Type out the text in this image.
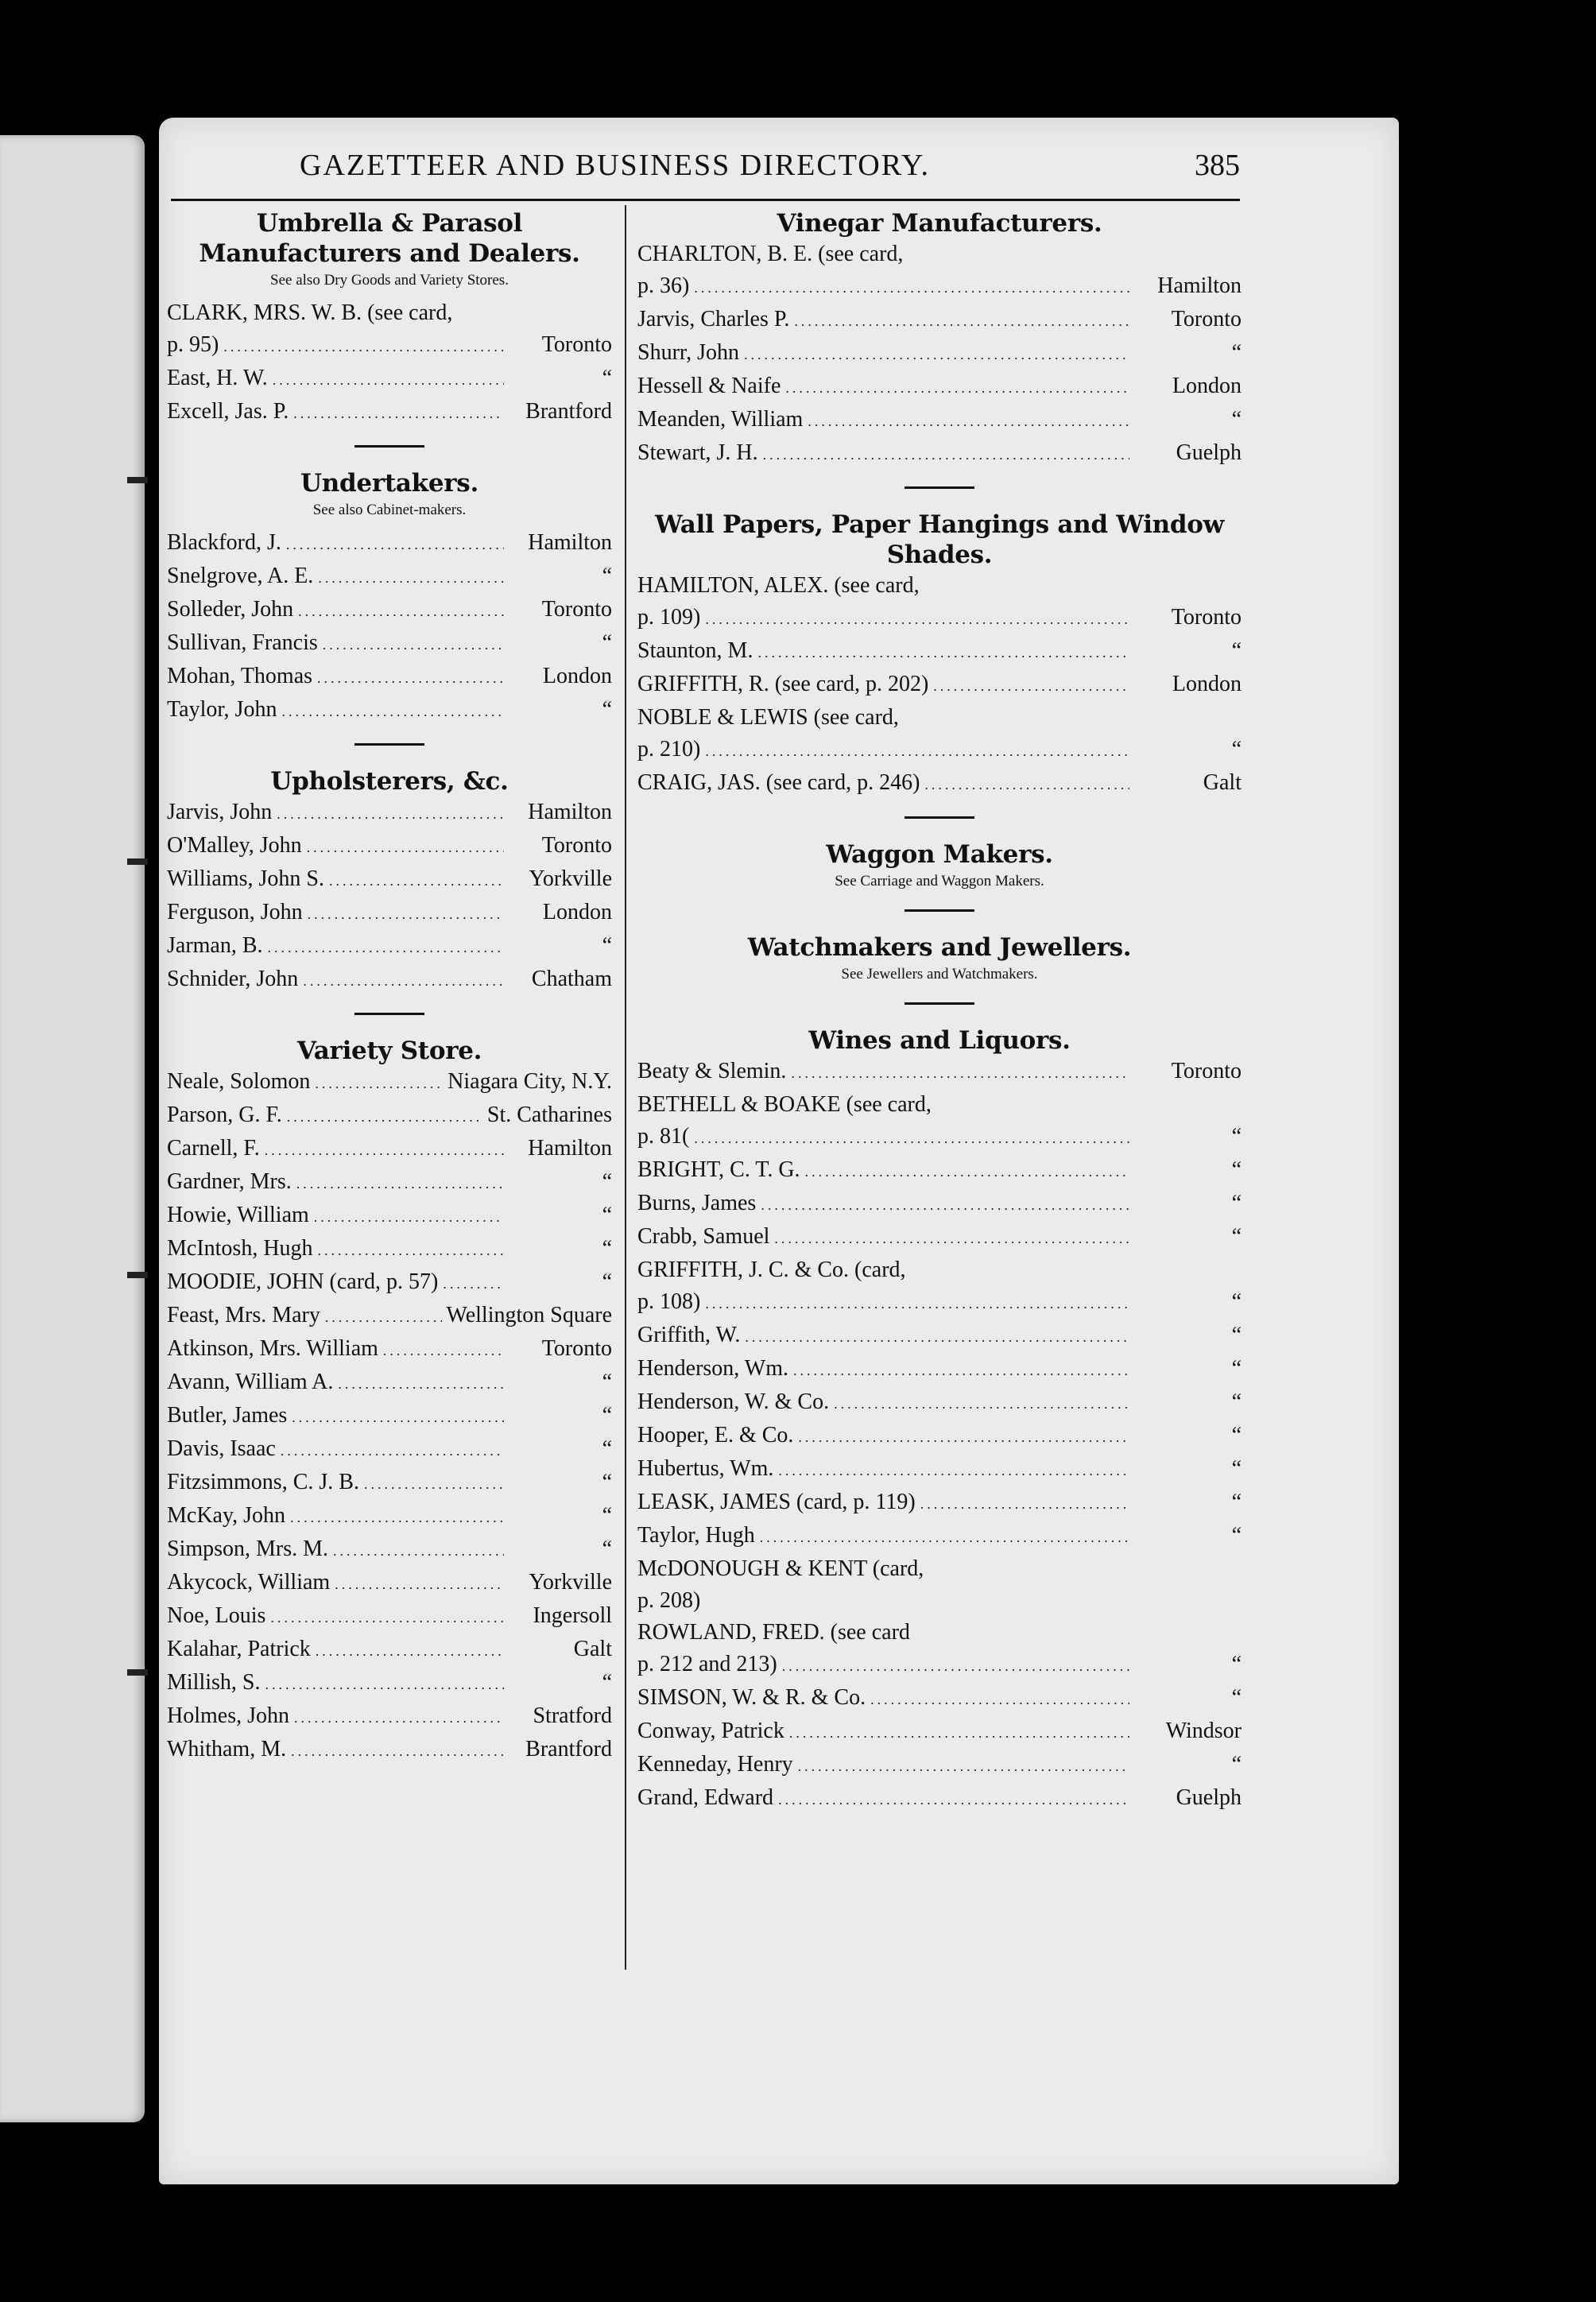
GAZETTEER AND BUSINESS DIRECTORY.	385
Umbrella & Parasol Manufacturers and Dealers.
See also Dry Goods and Variety Stores.
CLARK, MRS. W. B. (see card,
p. 95) .....	Toronto
East, H. W. .....	“
Excell, Jas. P. .....	Brantford
Undertakers.
See also Cabinet-makers.
Blackford, J. .....	Hamilton
Snelgrove, A. E. .....	“
Solleder, John .....	Toronto
Sullivan, Francis .....	“
Mohan, Thomas .....	London
Taylor, John .....	“
Upholsterers, &c.
Jarvis, John .....	Hamilton
O'Malley, John .....	Toronto
Williams, John S. .....	Yorkville
Ferguson, John .....	London
Jarman, B. .....	“
Schnider, John .....	Chatham
Variety Store.
Neale, Solomon .....	Niagara City, N.Y.
Parson, G. F. .....	St. Catharines
Carnell, F. .....	Hamilton
Gardner, Mrs. .....	“
Howie, William .....	“
McIntosh, Hugh .....	“
MOODIE, JOHN (card, p. 57) .....	“
Feast, Mrs. Mary .....	Wellington Square
Atkinson, Mrs. William .....	Toronto
Avann, William A. .....	“
Butler, James .....	“
Davis, Isaac .....	“
Fitzsimmons, C. J. B. .....	“
McKay, John .....	“
Simpson, Mrs. M. .....	“
Akycock, William .....	Yorkville
Noe, Louis .....	Ingersoll
Kalahar, Patrick .....	Galt
Millish, S. .....	“
Holmes, John .....	Stratford
Whitham, M. .....	Brantford
Vinegar Manufacturers.
CHARLTON, B. E. (see card,
p. 36) .....	Hamilton
Jarvis, Charles P. .....	Toronto
Shurr, John .....	“
Hessell & Naife .....	London
Meanden, William .....	“
Stewart, J. H. .....	Guelph
Wall Papers, Paper Hangings and Window Shades.
HAMILTON, ALEX. (see card,
p. 109) .....	Toronto
Staunton, M. .....	“
GRIFFITH, R. (see card, p. 202) .....	London
NOBLE & LEWIS (see card,
p. 210) .....	“
CRAIG, JAS. (see card, p. 246) .....	Galt
Waggon Makers.
See Carriage and Waggon Makers.
Watchmakers and Jewellers.
See Jewellers and Watchmakers.
Wines and Liquors.
Beaty & Slemin. .....	Toronto
BETHELL & BOAKE (see card,
p. 81( .....	“
BRIGHT, C. T. G. .....	“
Burns, James .....	“
Crabb, Samuel .....	“
GRIFFITH, J. C. & Co. (card,
p. 108) .....	“
Griffith, W. .....	“
Henderson, Wm. .....	“
Henderson, W. & Co. .....	“
Hooper, E. & Co. .....	“
Hubertus, Wm. .....	“
LEASK, JAMES (card, p. 119) .....	“
Taylor, Hugh .....	“
McDONOUGH & KENT (card,
p. 208)
ROWLAND, FRED. (see card
p. 212 and 213) .....	“
SIMSON, W. & R. & Co. .....	“
Conway, Patrick .....	Windsor
Kenneday, Henry .....	“
Grand, Edward .....	Guelph
